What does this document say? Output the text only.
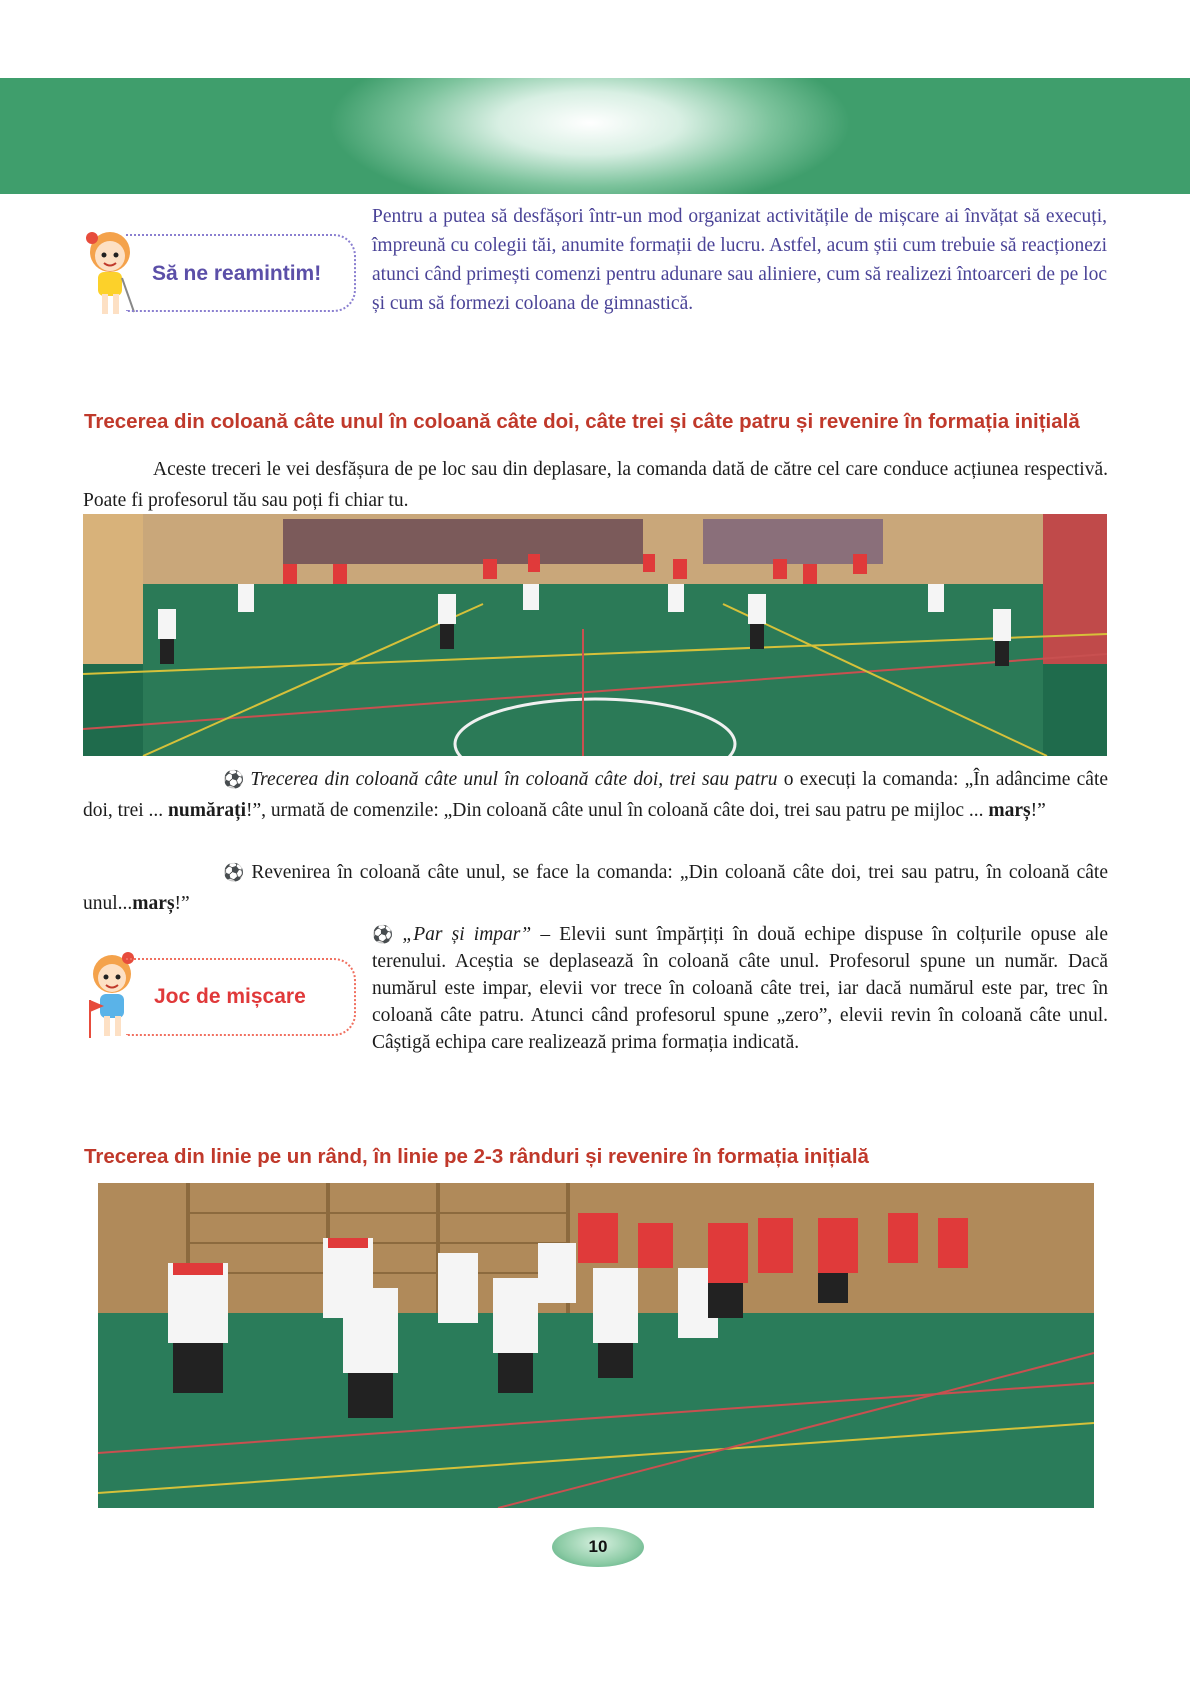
Să ne reamintim!
Pentru a putea să desfășori într-un mod organizat activitățile de mișcare ai învățat să execuți, împreună cu colegii tăi, anumite formații de lucru. Astfel, acum știi cum trebuie să reacționezi atunci când primești comenzi pentru adunare sau aliniere, cum să realizezi întoarceri de pe loc și cum să formezi coloana de gimnastică.
Trecerea din coloană câte unul în coloană câte doi, câte trei și câte patru și revenire în formația inițială
Aceste treceri le vei desfășura de pe loc sau din deplasare, la comanda dată de către cel care conduce acțiunea respectivă. Poate fi profesorul tău sau poți fi chiar tu.
⚽ Trecerea din coloană câte unul în coloană câte doi, trei sau patru o execuți la comanda: „În adâncime câte doi, trei ... numărați!”, urmată de comenzile: „Din coloană câte unul în coloană câte doi, trei sau patru pe mijloc ... marș!”
⚽ Revenirea în coloană câte unul, se face la comanda: „Din coloană câte doi, trei sau patru, în coloană câte unul...marș!”
Joc de mișcare
⚽ „Par și impar” – Elevii sunt împărțiți în două echipe dispuse în colțurile opuse ale terenului. Aceștia se deplasează în coloană câte unul. Profesorul spune un număr. Dacă numărul este impar, elevii vor trece în coloană câte trei, iar dacă numărul este par, trec în coloană câte patru. Atunci când profesorul spune „zero”, elevii revin în coloană câte unul. Câștigă echipa care realizează prima formația indicată.
Trecerea din linie pe un rând, în linie pe 2-3 rânduri și revenire în formația inițială
10
